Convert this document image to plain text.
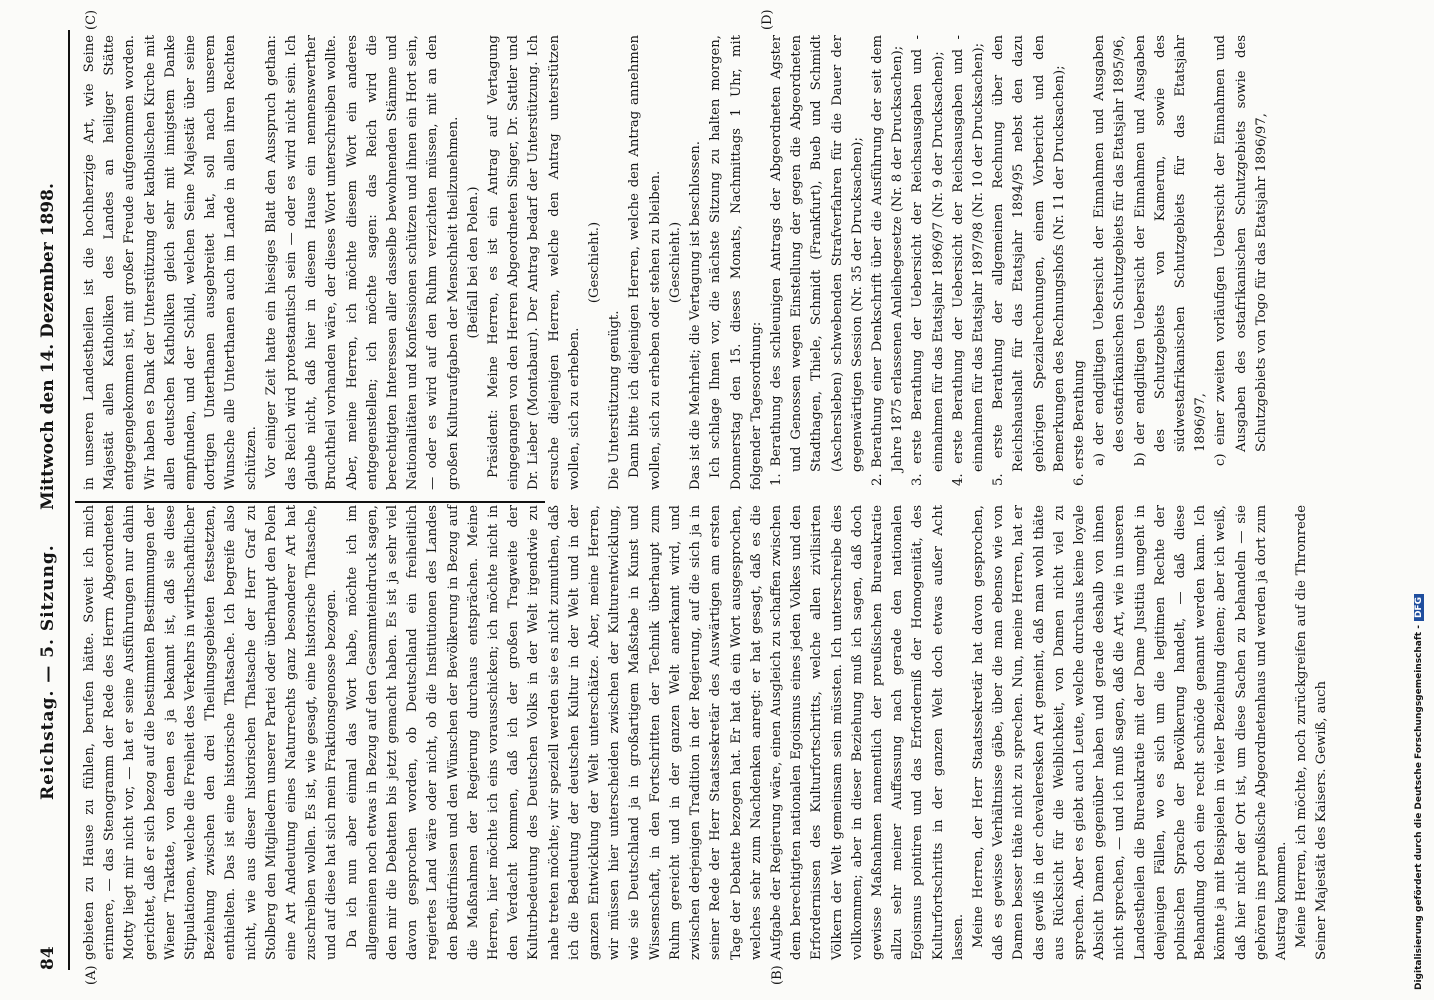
84
Reichstag. — 5. Sitzung.
Mittwoch den 14. Dezember 1898.
(A)	(B)
(C)	(D)

gebieten zu Hause zu fühlen, berufen hätte. Soweit ich mich erinnere, — das Stenogramm der Rede des Herrn Abgeordneten Motty liegt mir nicht vor, — hat er seine Ausführungen nur dahin gerichtet, daß er sich bezog auf die bestimmten Bestimmungen der Wiener Traktate, von denen es ja bekannt ist, daß sie diese Stipulationen, welche die Freiheit des Verkehrs in wirthschaftlicher Beziehung zwischen den drei Theilungsgebieten festsetzten, enthielten. Das ist eine historische Thatsache. Ich begreife also nicht, wie aus dieser historischen Thatsache der Herr Graf zu Stolberg den Mitgliedern unserer Partei oder überhaupt den Polen eine Art Andeutung eines Naturrechts ganz besonderer Art hat zuschreiben wollen. Es ist, wie gesagt, eine historische Thatsache, und auf diese hat sich mein Fraktionsgenosse bezogen. Da ich nun aber einmal das Wort habe, möchte ich im allgemeinen noch etwas in Bezug auf den Gesammteindruck sagen, den mir die Debatten bis jetzt gemacht haben. Es ist ja sehr viel davon gesprochen worden, ob Deutschland ein freiheitlich regiertes Land wäre oder nicht, ob die Institutionen des Landes den Bedürfnissen und den Wünschen der Bevölkerung in Bezug auf die Maßnahmen der Regierung durchaus entsprächen. Meine Herren, hier möchte ich eins vorausschicken; ich möchte nicht in den Verdacht kommen, daß ich der großen Tragweite der Kulturbedeutung des Deutschen Volks in der Welt irgendwie zu nahe treten möchte; wir speziell werden sie es nicht zumuthen, daß ich die Bedeutung der deutschen Kultur in der Welt und in der ganzen Entwicklung der Welt unterschätze. Aber, meine Herren, wir müssen hier unterscheiden zwischen der Kulturentwicklung, wie sie Deutschland ja in großartigem Maßstabe in Kunst und Wissenschaft, in den Fortschritten der Technik überhaupt zum Ruhm gereicht und in der ganzen Welt anerkannt wird, und zwischen derjenigen Tradition in der Regierung, auf die sich ja in seiner Rede der Herr Staatssekretär des Auswärtigen am ersten Tage der Debatte bezogen hat. Er hat da ein Wort ausgesprochen, welches sehr zum Nachdenken anregt: er hat gesagt, daß es die Aufgabe der Regierung wäre, einen Ausgleich zu schaffen zwischen dem berechtigten nationalen Egoismus eines jeden Volkes und den Erfordernissen des Kulturfortschritts, welche allen zivilisirten Völkern der Welt gemeinsam sein müssten. Ich unterschreibe dies vollkommen; aber in dieser Beziehung muß ich sagen, daß doch gewisse Maßnahmen namentlich der preußischen Bureaukratie allzu sehr meiner Auffassung nach gerade den nationalen Egoismus pointiren und das Erforderniß der Homogenität, des Kulturfortschritts in der ganzen Welt doch etwas außer Acht lassen. Meine Herren, der Herr Staatssekretär hat davon gesprochen, daß es gewisse Verhältnisse gäbe, über die man ebenso wie von Damen besser thäte nicht zu sprechen. Nun, meine Herren, hat er das gewiß in der chevaleresken Art gemeint, daß man wohl thäte aus Rücksicht für die Weiblichkeit, von Damen nicht viel zu sprechen. Aber es giebt auch Leute, welche durchaus keine loyale Absicht Damen gegenüber haben und gerade deshalb von ihnen nicht sprechen, — und ich muß sagen, daß die Art, wie in unseren Landestheilen die Bureaukratie mit der Dame Justitia umgeht in denjenigen Fällen, wo es sich um die legitimen Rechte der polnischen Sprache der Bevölkerung handelt, — daß diese Behandlung doch eine recht schnöde genannt werden kann. Ich könnte ja mit Beispielen in vieler Beziehung dienen; aber ich weiß, daß hier nicht der Ort ist, um diese Sachen zu behandeln — sie gehören ins preußische Abgeordnetenhaus und werden ja dort zum Austrag kommen. Meine Herren, ich möchte, noch zurückgreifen auf die Thronrede Seiner Majestät des Kaisers. Gewiß, auch

in unseren Landestheilen ist die hochherzige Art, wie Seine Majestät allen Katholiken des Landes an heiliger Stätte entgegengekommen ist, mit großer Freude aufgenommen worden. Wir haben es Dank der Unterstützung der katholischen Kirche mit allen deutschen Katholiken gleich sehr mit innigstem Danke empfunden, und der Schild, welchen Seine Majestät über seine dortigen Unterthanen ausgebreitet hat, soll nach unserem Wunsche alle Unterthanen auch im Lande in allen ihren Rechten schützen. Vor einiger Zeit hatte ein hiesiges Blatt den Ausspruch gethan: das Reich wird protestantisch sein — oder es wird nicht sein. Ich glaube nicht, daß hier in diesem Hause ein nennenswerther Bruchtheil vorhanden wäre, der dieses Wort unterschreiben wollte. Aber, meine Herren, ich möchte diesem Wort ein anderes entgegenstellen; ich möchte sagen: das Reich wird die berechtigten Interessen aller dasselbe bewohnenden Stämme und Nationalitäten und Konfessionen schützen und ihnen ein Hort sein, — oder es wird auf den Ruhm verzichten müssen, mit an den großen Kulturaufgaben der Menschheit theilzunehmen. (Beifall bei den Polen.) Präsident: Meine Herren, es ist ein Antrag auf Vertagung eingegangen von den Herren Abgeordneten Singer, Dr. Sattler und Dr. Lieber (Montabaur). Der Antrag bedarf der Unterstützung. Ich ersuche diejenigen Herren, welche den Antrag unterstützen wollen, sich zu erheben.

(Geschieht.)

Die Unterstützung genügt. Dann bitte ich diejenigen Herren, welche den Antrag annehmen wollen, sich zu erheben oder stehen zu bleiben. (Geschieht.) Das ist die Mehrheit; die Vertagung ist beschlossen. Ich schlage Ihnen vor, die nächste Sitzung zu halten morgen, Donnerstag den 15. dieses Monats, Nachmittags 1 Uhr, mit folgender Tagesordnung: 1. Berathung des schleunigen Antrags der Abgeordneten Agster und Genossen wegen Einstellung der gegen die Abgeordneten Stadthagen, Thiele, Schmidt (Frankfurt), Bueb und Schmidt (Aschersleben) schwebenden Strafverfahren für die Dauer der gegenwärtigen Session (Nr. 35 der Drucksachen); 2. Berathung einer Denkschrift über die Ausführung der seit dem Jahre 1875 erlassenen Anleihegesetze (Nr. 8 der Drucksachen); 3. erste Berathung der Uebersicht der Reichsausgaben und -einnahmen für das Etatsjahr 1896/97 (Nr. 9 der Drucksachen); 4. erste Berathung der Uebersicht der Reichsausgaben und -einnahmen für das Etatsjahr 1897/98 (Nr. 10 der Drucksachen); 5. erste Berathung der allgemeinen Rechnung über den Reichshaushalt für das Etatsjahr 1894/95 nebst den dazu gehörigen Spezialrechnungen, einem Vorbericht und den Bemerkungen des Rechnungshofs (Nr. 11 der Drucksachen); 6. erste Berathung a) der endgiltigen Uebersicht der Einnahmen und Ausgaben des ostafrikanischen Schutzgebiets für das Etatsjahr 1895/96, b) der endgiltigen Uebersicht der Einnahmen und Ausgaben des Schutzgebiets von Kamerun, sowie des südwestafrikanischen Schutzgebiets für das Etatsjahr 1896/97, c) einer zweiten vorläufigen Uebersicht der Einnahmen und Ausgaben des ostafrikanischen Schutzgebiets sowie des Schutzgebiets von Togo für das Etatsjahr 1896/97,

Digitalisierung gefördert durch die Deutsche Forschungsgemeinschaft -DFG
